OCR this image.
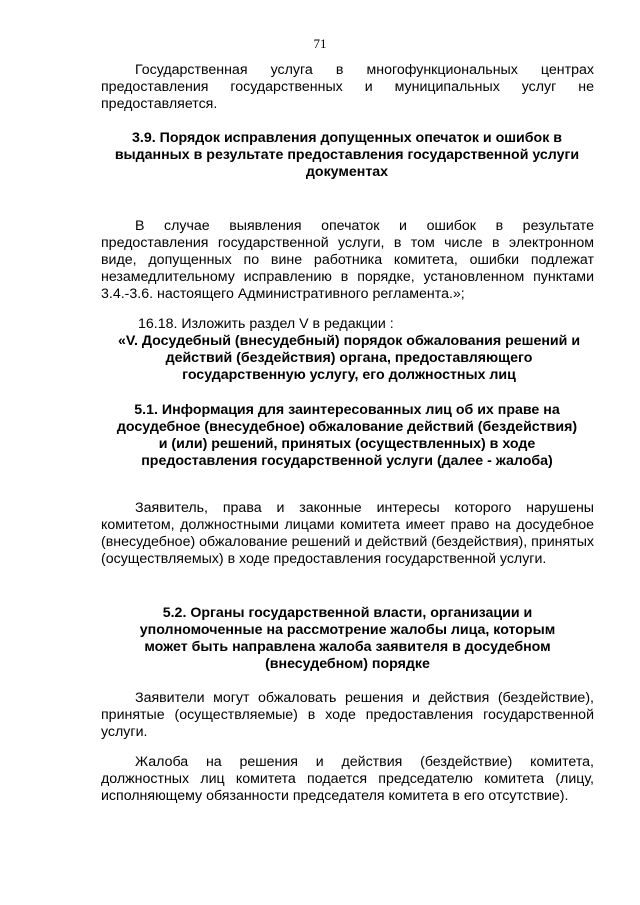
71

Государственная услуга в многофункциональных центрах предоставления государственных и муниципальных услуг не предоставляется.

3.9. Порядок исправления допущенных опечаток и ошибок в выданных в результате предоставления государственной услуги документах

В случае выявления опечаток и ошибок в результате предоставления государственной услуги, в том числе в электронном виде, допущенных по вине работника комитета, ошибки подлежат незамедлительному исправлению в порядке, установленном пунктами 3.4.-3.6. настоящего Административного регламента.»;

16.18. Изложить раздел V в редакции :

«V. Досудебный (внесудебный) порядок обжалования решений и действий (бездействия) органа, предоставляющего государственную услугу, его должностных лиц

5.1. Информация для заинтересованных лиц об их праве на досудебное (внесудебное) обжалование действий (бездействия) и (или) решений, принятых (осуществленных) в ходе предоставления государственной услуги (далее - жалоба)

Заявитель, права и законные интересы которого нарушены комитетом, должностными лицами комитета имеет право на досудебное (внесудебное) обжалование решений и действий (бездействия), принятых (осуществляемых) в ходе предоставления государственной услуги.

5.2. Органы государственной власти, организации и уполномоченные на рассмотрение жалобы лица, которым может быть направлена жалоба заявителя в досудебном (внесудебном) порядке

Заявители могут обжаловать решения и действия (бездействие), принятые (осуществляемые) в ходе предоставления государственной услуги.

Жалоба на решения и действия (бездействие) комитета, должностных лиц комитета подается председателю комитета (лицу, исполняющему обязанности председателя комитета в его отсутствие).
